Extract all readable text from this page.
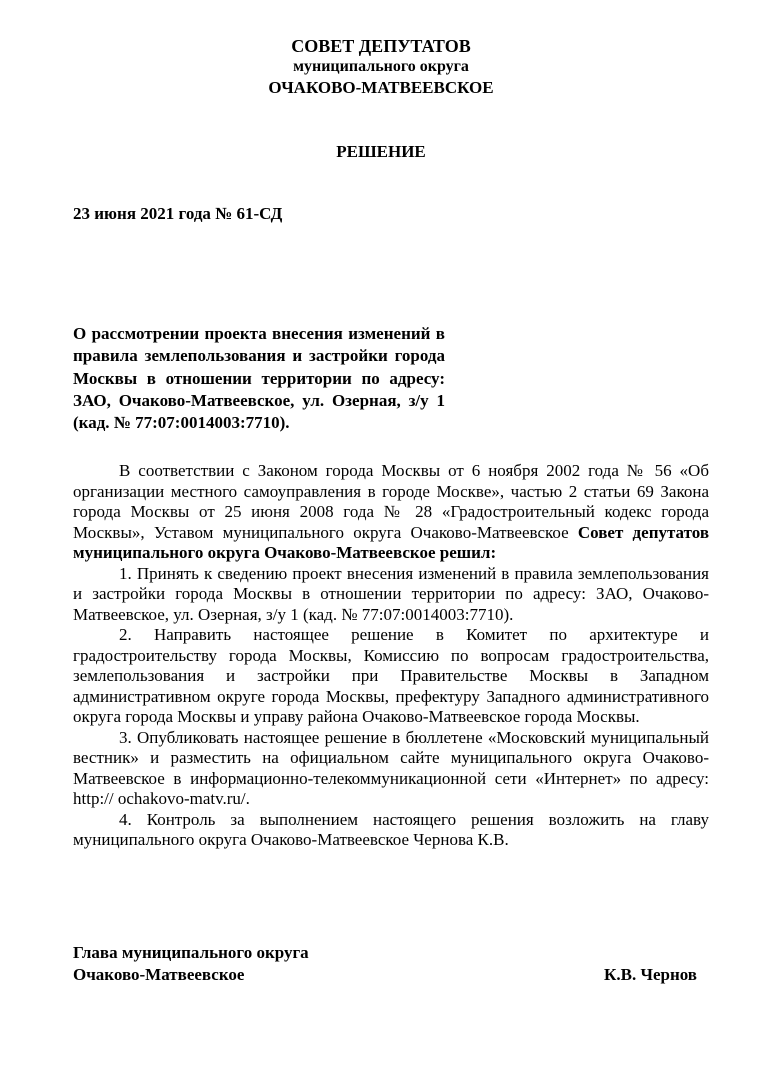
СОВЕТ ДЕПУТАТОВ
муниципального округа
ОЧАКОВО-МАТВЕЕВСКОЕ
РЕШЕНИЕ
23 июня 2021 года № 61-СД
О рассмотрении проекта внесения изменений в правила землепользования и застройки города Москвы в отношении территории по адресу: ЗАО, Очаково-Матвеевское, ул. Озерная, з/у 1 (кад. № 77:07:0014003:7710).

В соответствии с Законом города Москвы от 6 ноября 2002 года № 56 «Об организации местного самоуправления в городе Москве», частью 2 статьи 69 Закона города Москвы от 25 июня 2008 года № 28 «Градостроительный кодекс города Москвы», Уставом муниципального округа Очаково-Матвеевское Совет депутатов муниципального округа Очаково-Матвеевское решил:

1. Принять к сведению проект внесения изменений в правила землепользования и застройки города Москвы в отношении территории по адресу: ЗАО, Очаково-Матвеевское, ул. Озерная, з/у 1 (кад. № 77:07:0014003:7710).

2. Направить настоящее решение в Комитет по архитектуре и градостроительству города Москвы, Комиссию по вопросам градостроительства, землепользования и застройки при Правительстве Москвы в Западном административном округе города Москвы, префектуру Западного административного округа города Москвы и управу района Очаково-Матвеевское города Москвы.

3. Опубликовать настоящее решение в бюллетене «Московский муниципальный вестник» и разместить на официальном сайте муниципального округа Очаково-Матвеевское в информационно-телекоммуникационной сети «Интернет» по адресу: http:// ochakovo-matv.ru/.

4. Контроль за выполнением настоящего решения возложить на главу муниципального округа Очаково-Матвеевское Чернова К.В.

Глава муниципального округа
Очаково-Матвеевское	К.В. Чернов
